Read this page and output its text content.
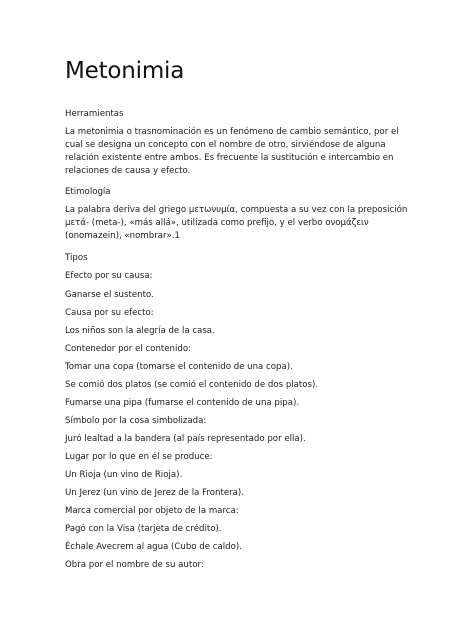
Metonimia
Herramientas
La metonimia o trasnominación es un fenómeno de cambio semántico, por el cual se designa un concepto con el nombre de otro, sirviéndose de alguna relación existente entre ambos. Es frecuente la sustitución e intercambio en relaciones de causa y efecto.
Etimología
La palabra deriva del griego μετωνυμία, compuesta a su vez con la preposición μετά- (meta-), «más allá», utilizada como prefijo, y el verbo ονομάζειν (onomazein), «nombrar».1
Tipos
Efecto por su causa:
Ganarse el sustento.
Causa por su efecto:
Los niños son la alegría de la casa.
Contenedor por el contenido:
Tomar una copa (tomarse el contenido de una copa).
Se comió dos platos (se comió el contenido de dos platos).
Fumarse una pipa (fumarse el contenido de una pipa).
Símbolo por la cosa simbolizada:
Juró lealtad a la bandera (al país representado por ella).
Lugar por lo que en él se produce:
Un Rioja (un vino de Rioja).
Un Jerez (un vino de Jerez de la Frontera).
Marca comercial por objeto de la marca:
Pagó con la Visa (tarjeta de crédito).
Échale Avecrem al agua (Cubo de caldo).
Obra por el nombre de su autor:
